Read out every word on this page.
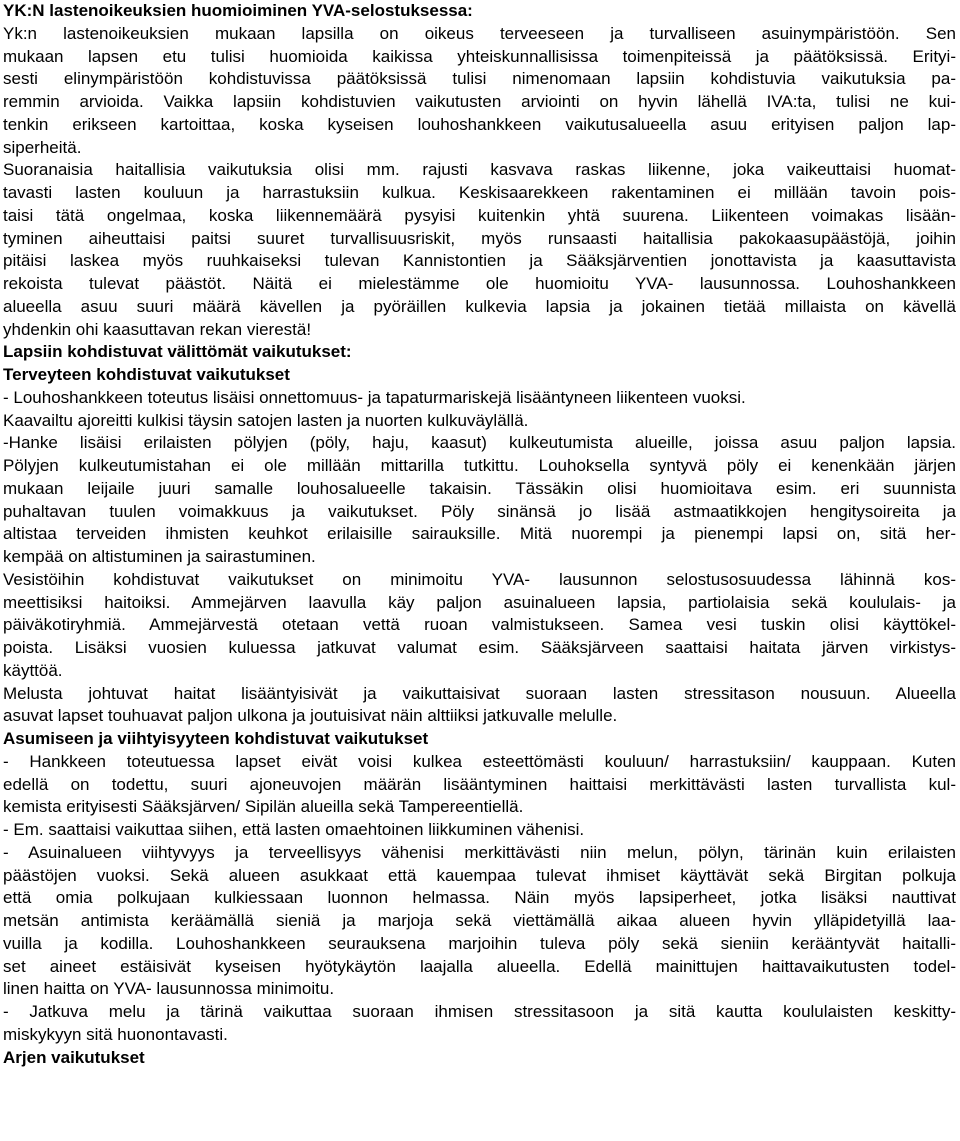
YK:N lastenoikeuksien huomioiminen YVA-selostuksessa:
Yk:n lastenoikeuksien mukaan lapsilla on oikeus terveeseen ja turvalliseen asuinympäristöön. Sen
mukaan lapsen etu tulisi huomioida kaikissa yhteiskunnallisissa toimenpiteissä ja päätöksissä. Erityi-
sesti elinympäristöön kohdistuvissa päätöksissä tulisi nimenomaan lapsiin kohdistuvia vaikutuksia pa-
remmin arvioida. Vaikka lapsiin kohdistuvien vaikutusten arviointi on hyvin lähellä IVA:ta, tulisi ne kui-
tenkin erikseen kartoittaa, koska kyseisen louhoshankkeen vaikutusalueella asuu erityisen paljon lap-
siperheitä.
Suoranaisia haitallisia vaikutuksia olisi mm. rajusti kasvava raskas liikenne, joka vaikeuttaisi huomat-
tavasti lasten kouluun ja harrastuksiin kulkua. Keskisaarekkeen rakentaminen ei millään tavoin pois-
taisi tätä ongelmaa, koska liikennemäärä pysyisi kuitenkin yhtä suurena. Liikenteen voimakas lisään-
tyminen aiheuttaisi paitsi suuret turvallisuusriskit, myös runsaasti haitallisia pakokaasupäästöjä, joihin
pitäisi laskea myös ruuhkaiseksi tulevan Kannistontien ja Sääksjärventien jonottavista ja kaasuttavista
rekoista tulevat päästöt. Näitä ei mielestämme ole huomioitu YVA- lausunnossa. Louhoshankkeen
alueella asuu suuri määrä kävellen ja pyöräillen kulkevia lapsia ja jokainen tietää millaista on kävellä
yhdenkin ohi kaasuttavan rekan vierestä!
Lapsiin kohdistuvat välittömät vaikutukset:
Terveyteen kohdistuvat vaikutukset
- Louhoshankkeen toteutus lisäisi onnettomuus- ja tapaturmariskejä lisääntyneen liikenteen vuoksi.
Kaavailtu ajoreitti kulkisi täysin satojen lasten ja nuorten kulkuväylällä.
-Hanke lisäisi erilaisten pölyjen (pöly, haju, kaasut) kulkeutumista alueille, joissa asuu paljon lapsia.
Pölyjen kulkeutumistahan ei ole millään mittarilla tutkittu. Louhoksella syntyvä pöly ei kenenkään järjen
mukaan leijaile juuri samalle louhosalueelle takaisin. Tässäkin olisi huomioitava esim. eri suunnista
puhaltavan tuulen voimakkuus ja vaikutukset. Pöly sinänsä jo lisää astmaatikkojen hengitysoireita ja
altistaa terveiden ihmisten keuhkot erilaisille sairauksille. Mitä nuorempi ja pienempi lapsi on, sitä her-
kempää on altistuminen ja sairastuminen.
Vesistöihin kohdistuvat vaikutukset on minimoitu YVA- lausunnon selostusosuudessa lähinnä kos-
meettisiksi haitoiksi. Ammejärven laavulla käy paljon asuinalueen lapsia, partiolaisia sekä koululais- ja
päiväkotiryhmiä. Ammejärvestä otetaan vettä ruoan valmistukseen. Samea vesi tuskin olisi käyttökel-
poista. Lisäksi vuosien kuluessa jatkuvat valumat esim. Sääksjärveen saattaisi haitata järven virkistys-
käyttöä.
Melusta johtuvat haitat lisääntyisivät ja vaikuttaisivat suoraan lasten stressitason nousuun. Alueella
asuvat lapset touhuavat paljon ulkona ja joutuisivat näin alttiiksi jatkuvalle melulle.
Asumiseen ja viihtyisyyteen kohdistuvat vaikutukset
- Hankkeen toteutuessa lapset eivät voisi kulkea esteettömästi kouluun/ harrastuksiin/ kauppaan. Kuten
edellä on todettu, suuri ajoneuvojen määrän lisääntyminen haittaisi merkittävästi lasten turvallista kul-
kemista erityisesti Sääksjärven/ Sipilän alueilla sekä Tampereentiellä.
- Em. saattaisi vaikuttaa siihen, että lasten omaehtoinen liikkuminen vähenisi.
- Asuinalueen viihtyvyys ja terveellisyys vähenisi merkittävästi niin melun, pölyn, tärinän kuin erilaisten
päästöjen vuoksi. Sekä alueen asukkaat että kauempaa tulevat ihmiset käyttävät sekä Birgitan polkuja
että omia polkujaan kulkiessaan luonnon helmassa. Näin myös lapsiperheet, jotka lisäksi nauttivat
metsän antimista keräämällä sieniä ja marjoja sekä viettämällä aikaa alueen hyvin ylläpidetyillä laa-
vuilla ja kodilla. Louhoshankkeen seurauksena marjoihin tuleva pöly sekä sieniin kerääntyvät haitalli-
set aineet estäisivät kyseisen hyötykäytön laajalla alueella. Edellä mainittujen haittavaikutusten todel-
linen haitta on YVA- lausunnossa minimoitu.
- Jatkuva melu ja tärinä vaikuttaa suoraan ihmisen stressitasoon ja sitä kautta koululaisten keskitty-
miskykyyn sitä huonontavasti.
Arjen vaikutukset
